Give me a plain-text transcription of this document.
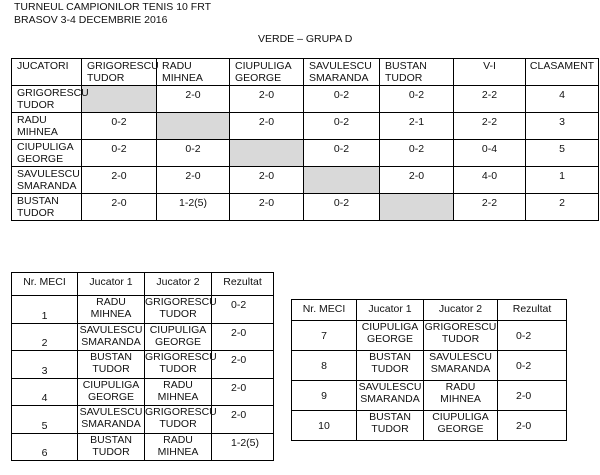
TURNEUL CAMPIONILOR TENIS 10 FRT
BRASOV 3-4 DECEMBRIE 2016
VERDE – GRUPA D
JUCATORI	GRIGORESCU TUDOR	RADU MIHNEA	CIUPULIGA GEORGE	SAVULESCU SMARANDA	BUSTAN TUDOR	V-I	CLASAMENT
GRIGORESCU TUDOR		2-0	2-0	0-2	0-2	2-2	4
RADU MIHNEA	0-2		2-0	0-2	2-1	2-2	3
CIUPULIGA GEORGE	0-2	0-2		0-2	0-2	0-4	5
SAVULESCU SMARANDA	2-0	2-0	2-0		2-0	4-0	1
BUSTAN TUDOR	2-0	1-2(5)	2-0	0-2		2-2	2
Nr. MECI	Jucator 1	Jucator 2	Rezultat
1	RADU MIHNEA	GRIGORESCU TUDOR	0-2
2	SAVULESCU SMARANDA	CIUPULIGA GEORGE	2-0
3	BUSTAN TUDOR	GRIGORESCU TUDOR	2-0
4	CIUPULIGA GEORGE	RADU MIHNEA	2-0
5	SAVULESCU SMARANDA	GRIGORESCU TUDOR	2-0
6	BUSTAN TUDOR	RADU MIHNEA	1-2(5)
Nr. MECI	Jucator 1	Jucator 2	Rezultat
7	CIUPULIGA GEORGE	GRIGORESCU TUDOR	0-2
8	BUSTAN TUDOR	SAVULESCU SMARANDA	0-2
9	SAVULESCU SMARANDA	RADU MIHNEA	2-0
10	BUSTAN TUDOR	CIUPULIGA GEORGE	2-0
